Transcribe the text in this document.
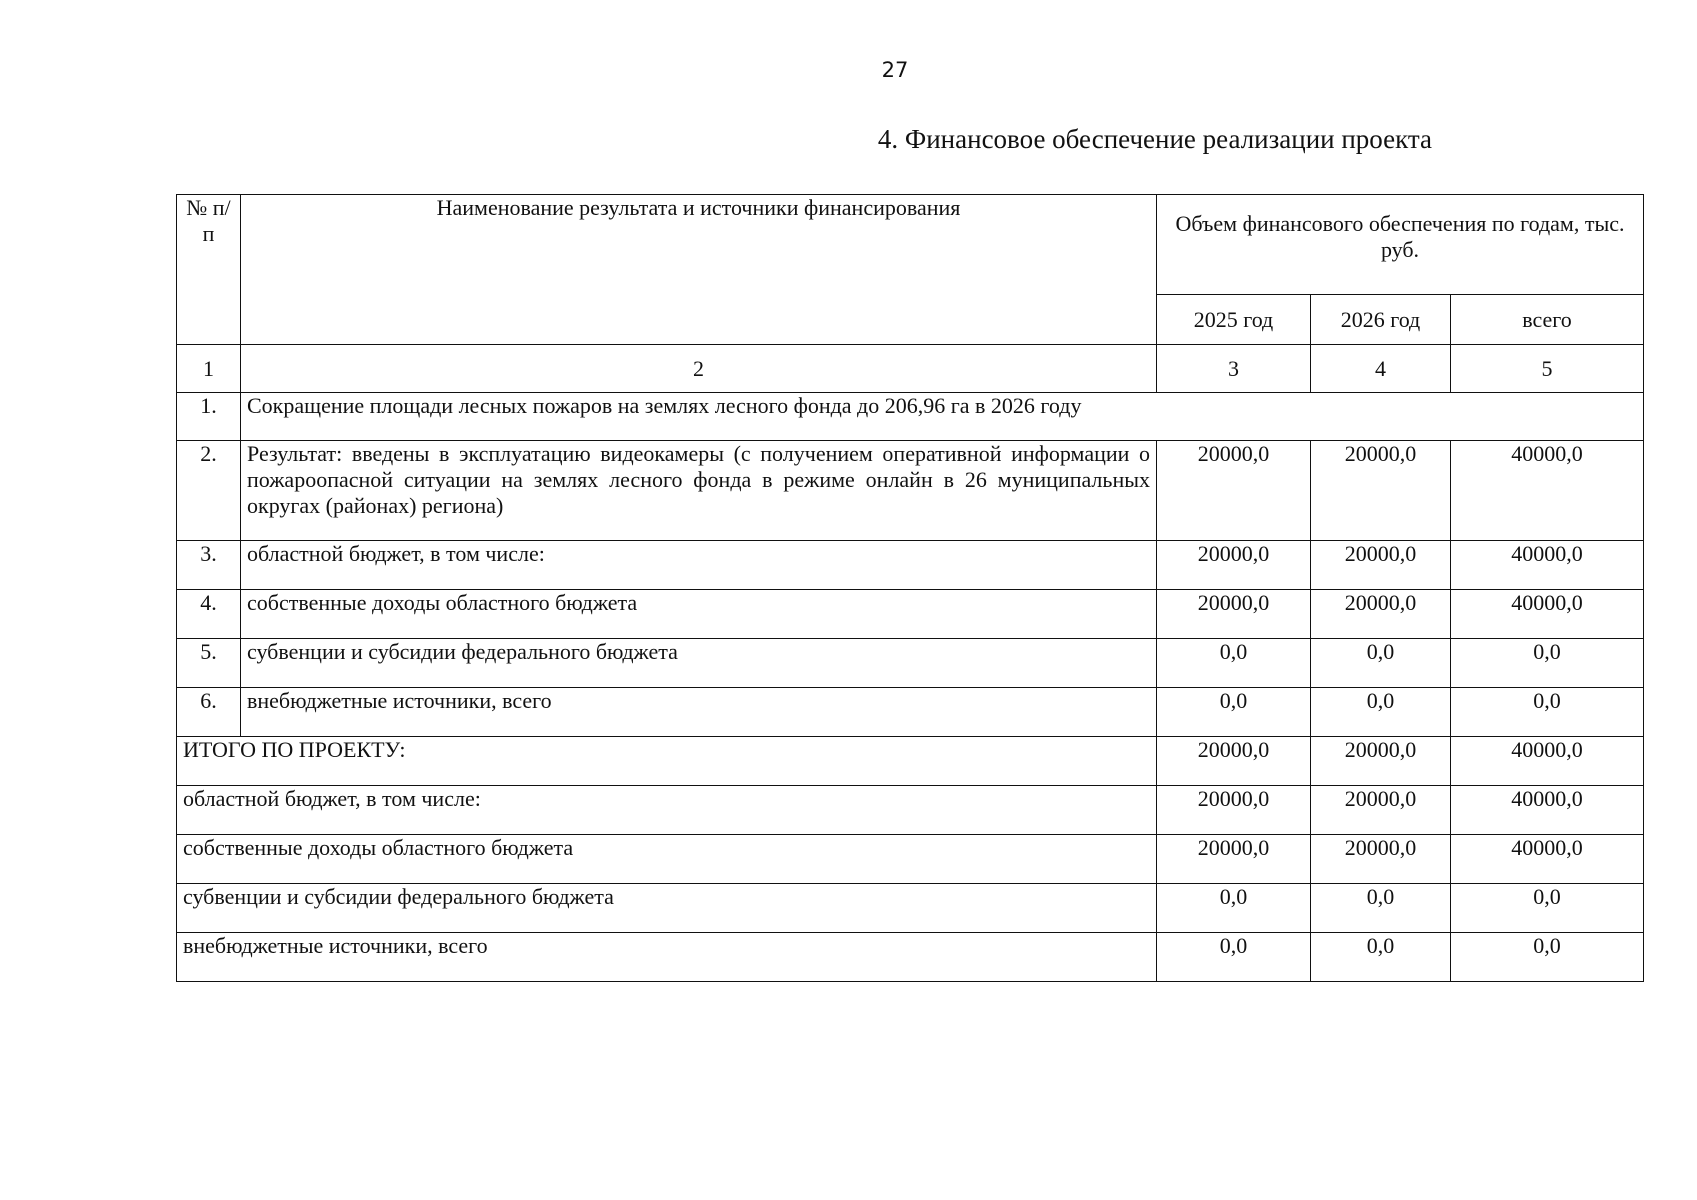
27
4. Финансовое обеспечение реализации проекта
№ п/п	Наименование результата и источники финансирования	Объем финансового обеспечения по годам, тыс. руб.		
		2025 год	2026 год	всего
1	2	3	4	5
1.	Сокращение площади лесных пожаров на землях лесного фонда до 206,96 га в 2026 году			
2.	Результат: введены в эксплуатацию видеокамеры (с получением оперативной информации о пожароопасной ситуации на землях лесного фонда в режиме онлайн в 26 муниципальных округах (районах) региона)	20000,0	20000,0	40000,0
3.	областной бюджет, в том числе:	20000,0	20000,0	40000,0
4.	собственные доходы областного бюджета	20000,0	20000,0	40000,0
5.	субвенции и субсидии федерального бюджета	0,0	0,0	0,0
6.	внебюджетные источники, всего	0,0	0,0	0,0
ИТОГО ПО ПРОЕКТУ:		20000,0	20000,0	40000,0
областной бюджет, в том числе:		20000,0	20000,0	40000,0
собственные доходы областного бюджета		20000,0	20000,0	40000,0
субвенции и субсидии федерального бюджета		0,0	0,0	0,0
внебюджетные источники, всего		0,0	0,0	0,0
